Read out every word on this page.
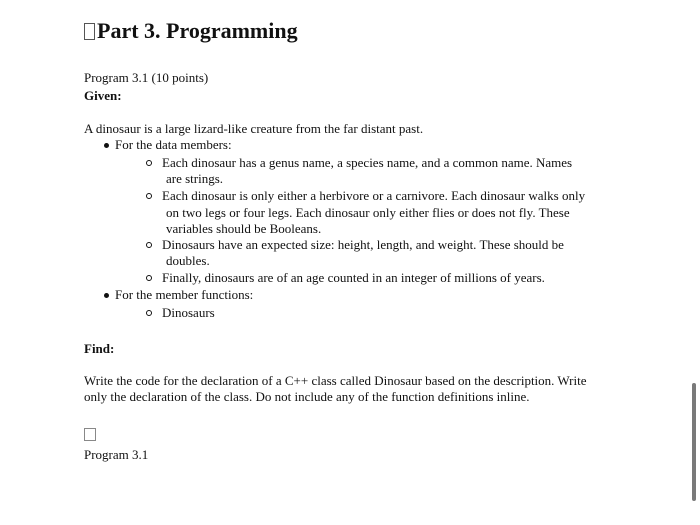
Part 3. Programming
Program 3.1 (10 points)
Given:
A dinosaur is a large lizard-like creature from the far distant past.
For the data members:
Each dinosaur has a genus name, a species name, and a common name. Names
are strings.
Each dinosaur is only either a herbivore or a carnivore. Each dinosaur walks only
on two legs or four legs. Each dinosaur only either flies or does not fly. These
variables should be Booleans.
Dinosaurs have an expected size: height, length, and weight. These should be
doubles.
Finally, dinosaurs are of an age counted in an integer of millions of years.
For the member functions:
Dinosaurs
Find:
Write the code for the declaration of a C++ class called Dinosaur based on the description. Write
only the declaration of the class. Do not include any of the function definitions inline.
Program 3.1
